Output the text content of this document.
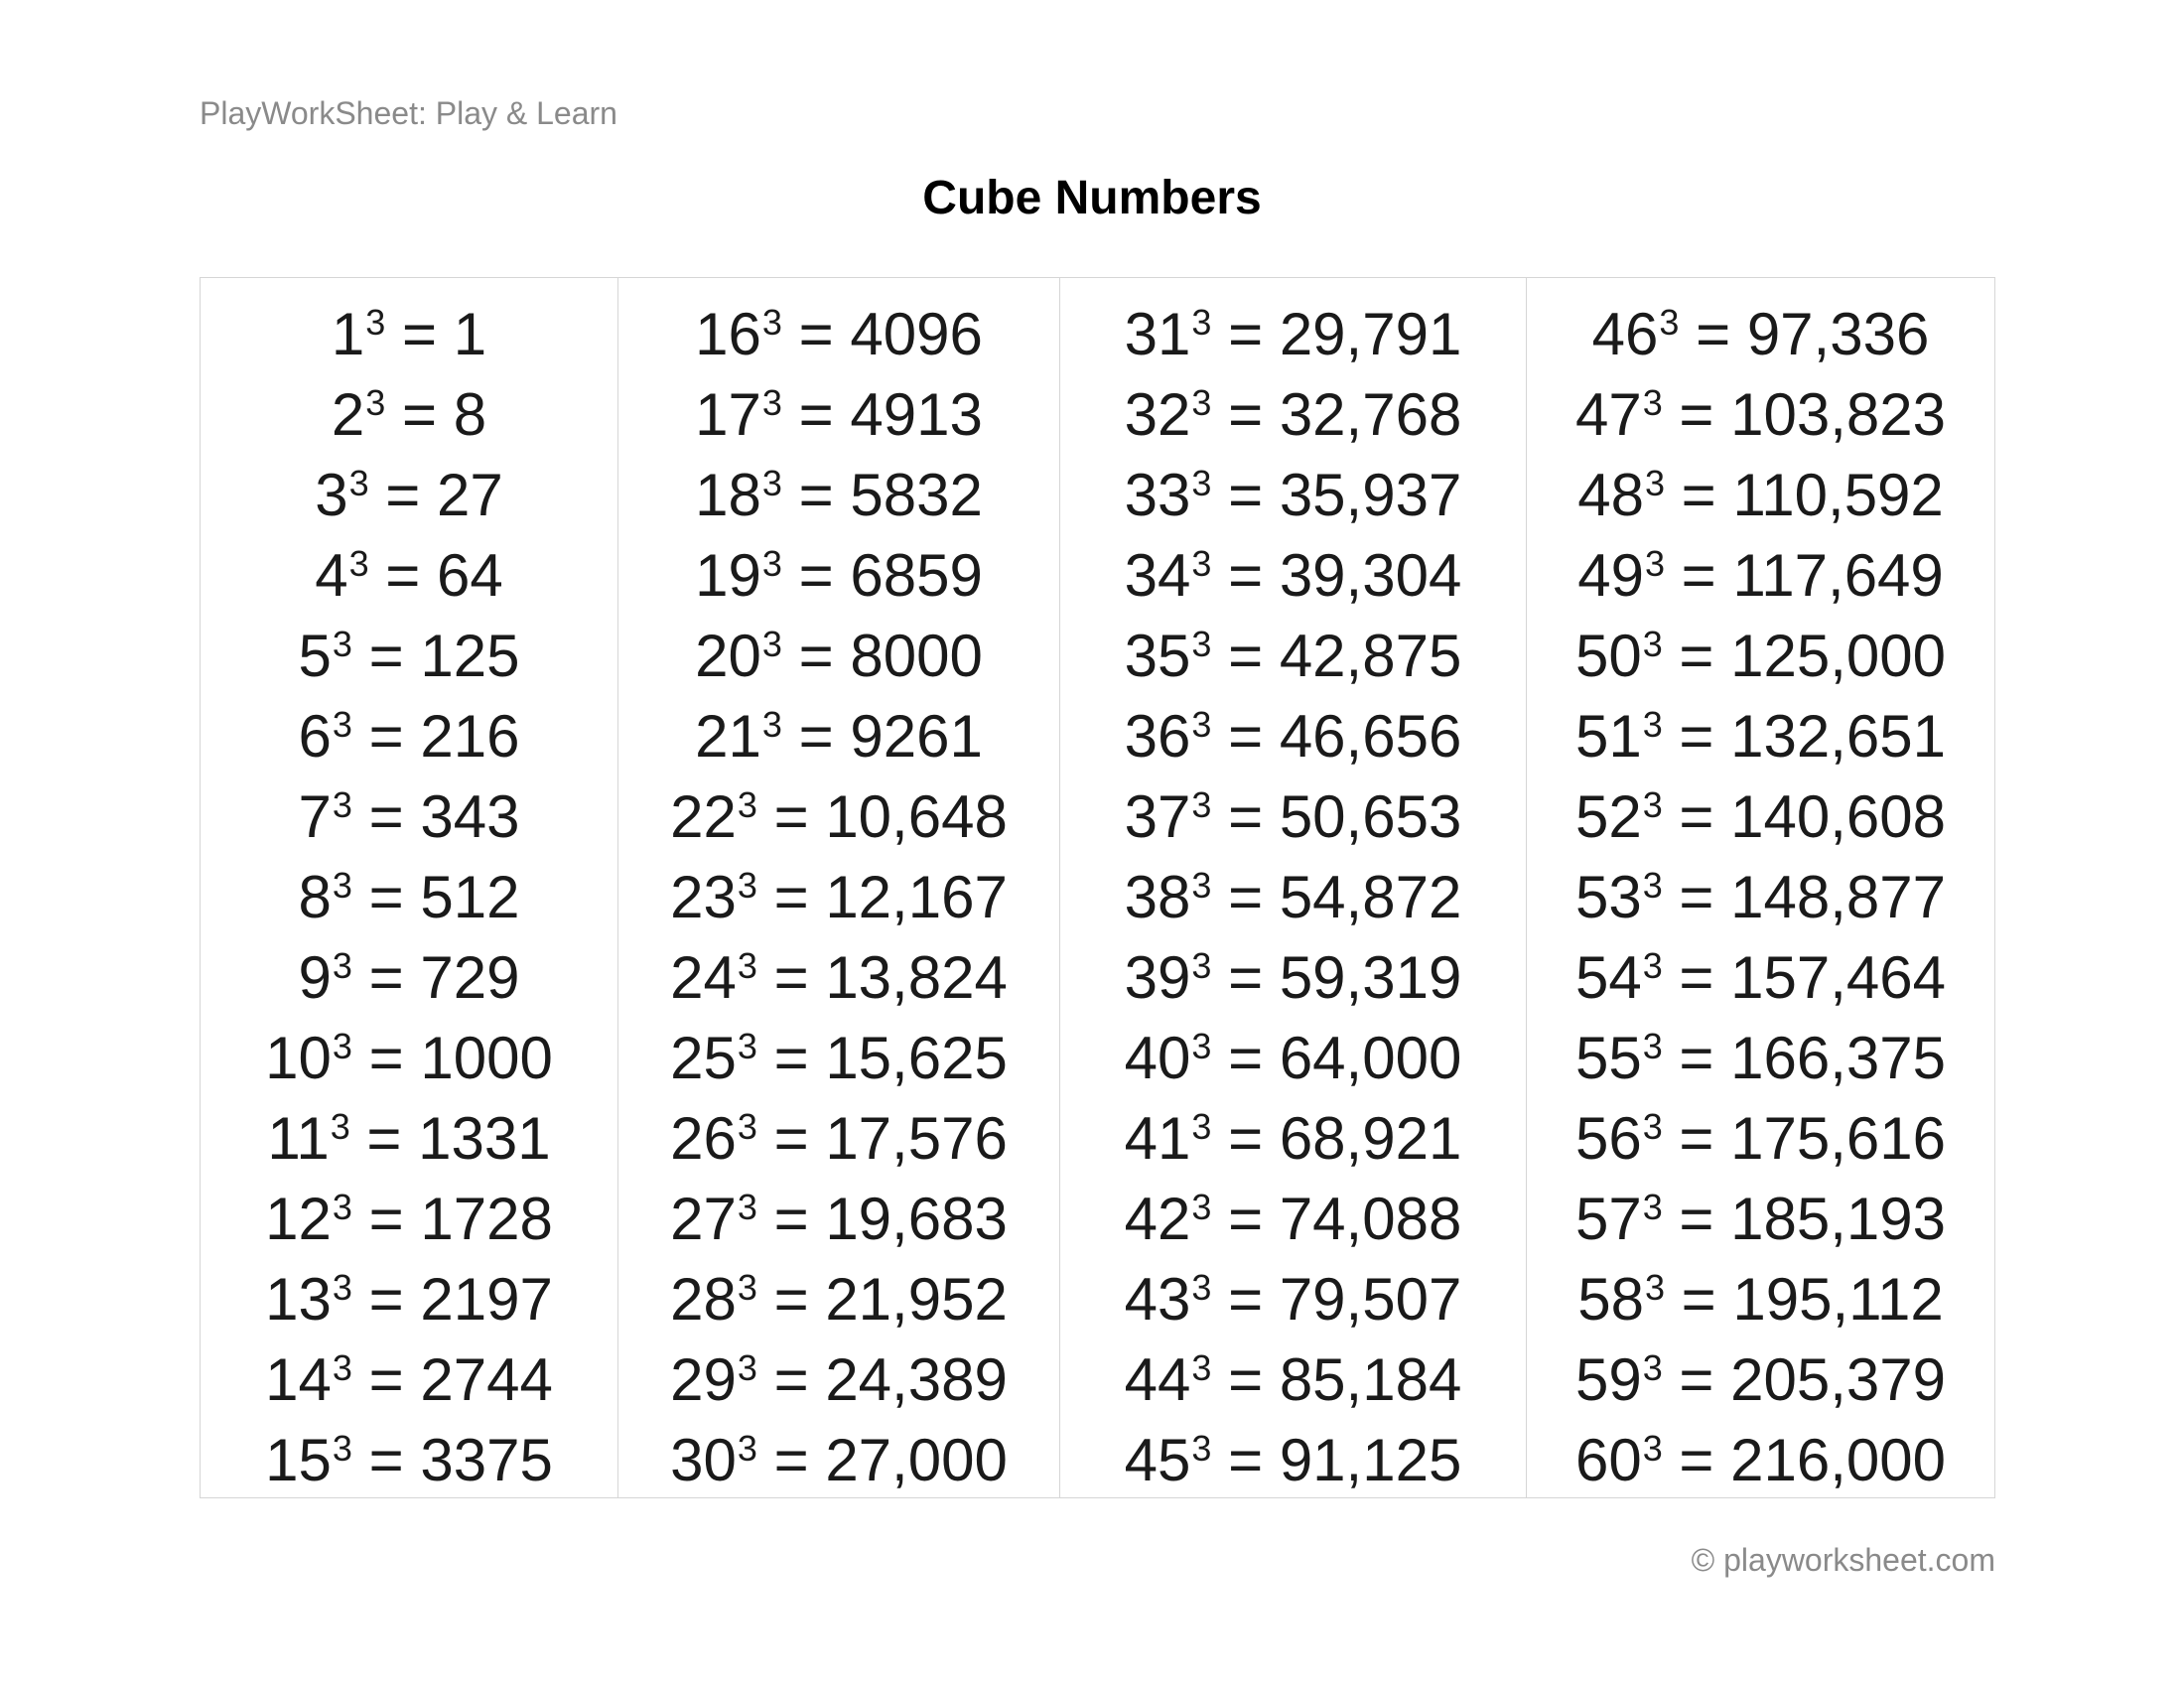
PlayWorkSheet: Play & Learn
Cube Numbers
$1^3 = 1$
$2^3 = 8$
$3^3 = 27$
$4^3 = 64$
$5^3 = 125$
$6^3 = 216$
$7^3 = 343$
$8^3 = 512$
$9^3 = 729$
$10^3 = 1000$
$11^3 = 1331$
$12^3 = 1728$
$13^3 = 2197$
$14^3 = 2744$
$15^3 = 3375$
$16^3 = 4096$
$17^3 = 4913$
$18^3 = 5832$
$19^3 = 6859$
$20^3 = 8000$
$21^3 = 9261$
$22^3 = 10,648$
$23^3 = 12,167$
$24^3 = 13,824$
$25^3 = 15,625$
$26^3 = 17,576$
$27^3 = 19,683$
$28^3 = 21,952$
$29^3 = 24,389$
$30^3 = 27,000$
$31^3 = 29,791$
$32^3 = 32,768$
$33^3 = 35,937$
$34^3 = 39,304$
$35^3 = 42,875$
$36^3 = 46,656$
$37^3 = 50,653$
$38^3 = 54,872$
$39^3 = 59,319$
$40^3 = 64,000$
$41^3 = 68,921$
$42^3 = 74,088$
$43^3 = 79,507$
$44^3 = 85,184$
$45^3 = 91,125$
$46^3 = 97,336$
$47^3 = 103,823$
$48^3 = 110,592$
$49^3 = 117,649$
$50^3 = 125,000$
$51^3 = 132,651$
$52^3 = 140,608$
$53^3 = 148,877$
$54^3 = 157,464$
$55^3 = 166,375$
$56^3 = 175,616$
$57^3 = 185,193$
$58^3 = 195,112$
$59^3 = 205,379$
$60^3 = 216,000$
© playworksheet.com
